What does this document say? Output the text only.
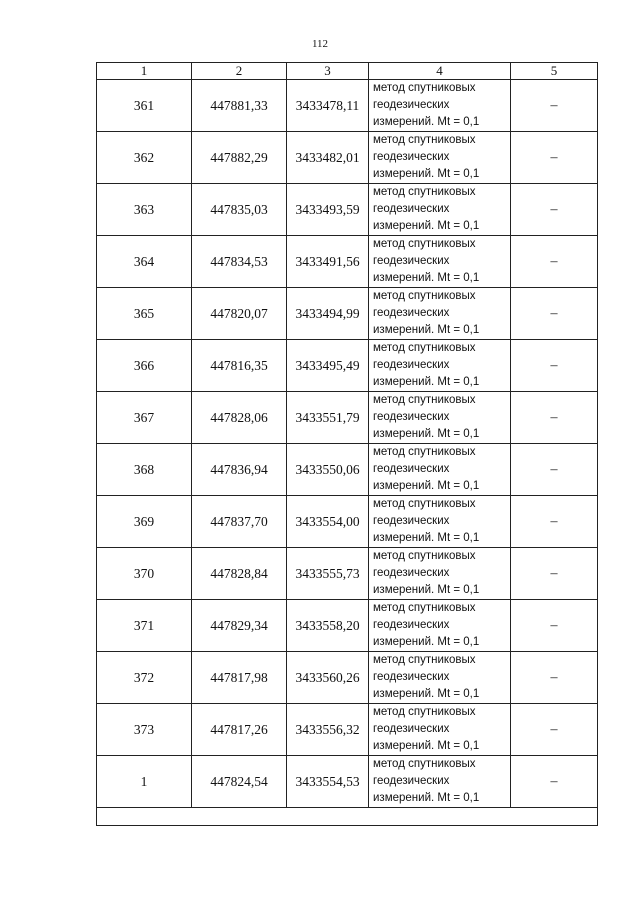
112
1	2	3	4	5
361	447881,33	3433478,11	метод спутниковых
геодезических
измерений. Mt = 0,1	–
362	447882,29	3433482,01	метод спутниковых
геодезических
измерений. Mt = 0,1	–
363	447835,03	3433493,59	метод спутниковых
геодезических
измерений. Mt = 0,1	–
364	447834,53	3433491,56	метод спутниковых
геодезических
измерений. Mt = 0,1	–
365	447820,07	3433494,99	метод спутниковых
геодезических
измерений. Mt = 0,1	–
366	447816,35	3433495,49	метод спутниковых
геодезических
измерений. Mt = 0,1	–
367	447828,06	3433551,79	метод спутниковых
геодезических
измерений. Mt = 0,1	–
368	447836,94	3433550,06	метод спутниковых
геодезических
измерений. Mt = 0,1	–
369	447837,70	3433554,00	метод спутниковых
геодезических
измерений. Mt = 0,1	–
370	447828,84	3433555,73	метод спутниковых
геодезических
измерений. Mt = 0,1	–
371	447829,34	3433558,20	метод спутниковых
геодезических
измерений. Mt = 0,1	–
372	447817,98	3433560,26	метод спутниковых
геодезических
измерений. Mt = 0,1	–
373	447817,26	3433556,32	метод спутниковых
геодезических
измерений. Mt = 0,1	–
1	447824,54	3433554,53	метод спутниковых
геодезических
измерений. Mt = 0,1	–
